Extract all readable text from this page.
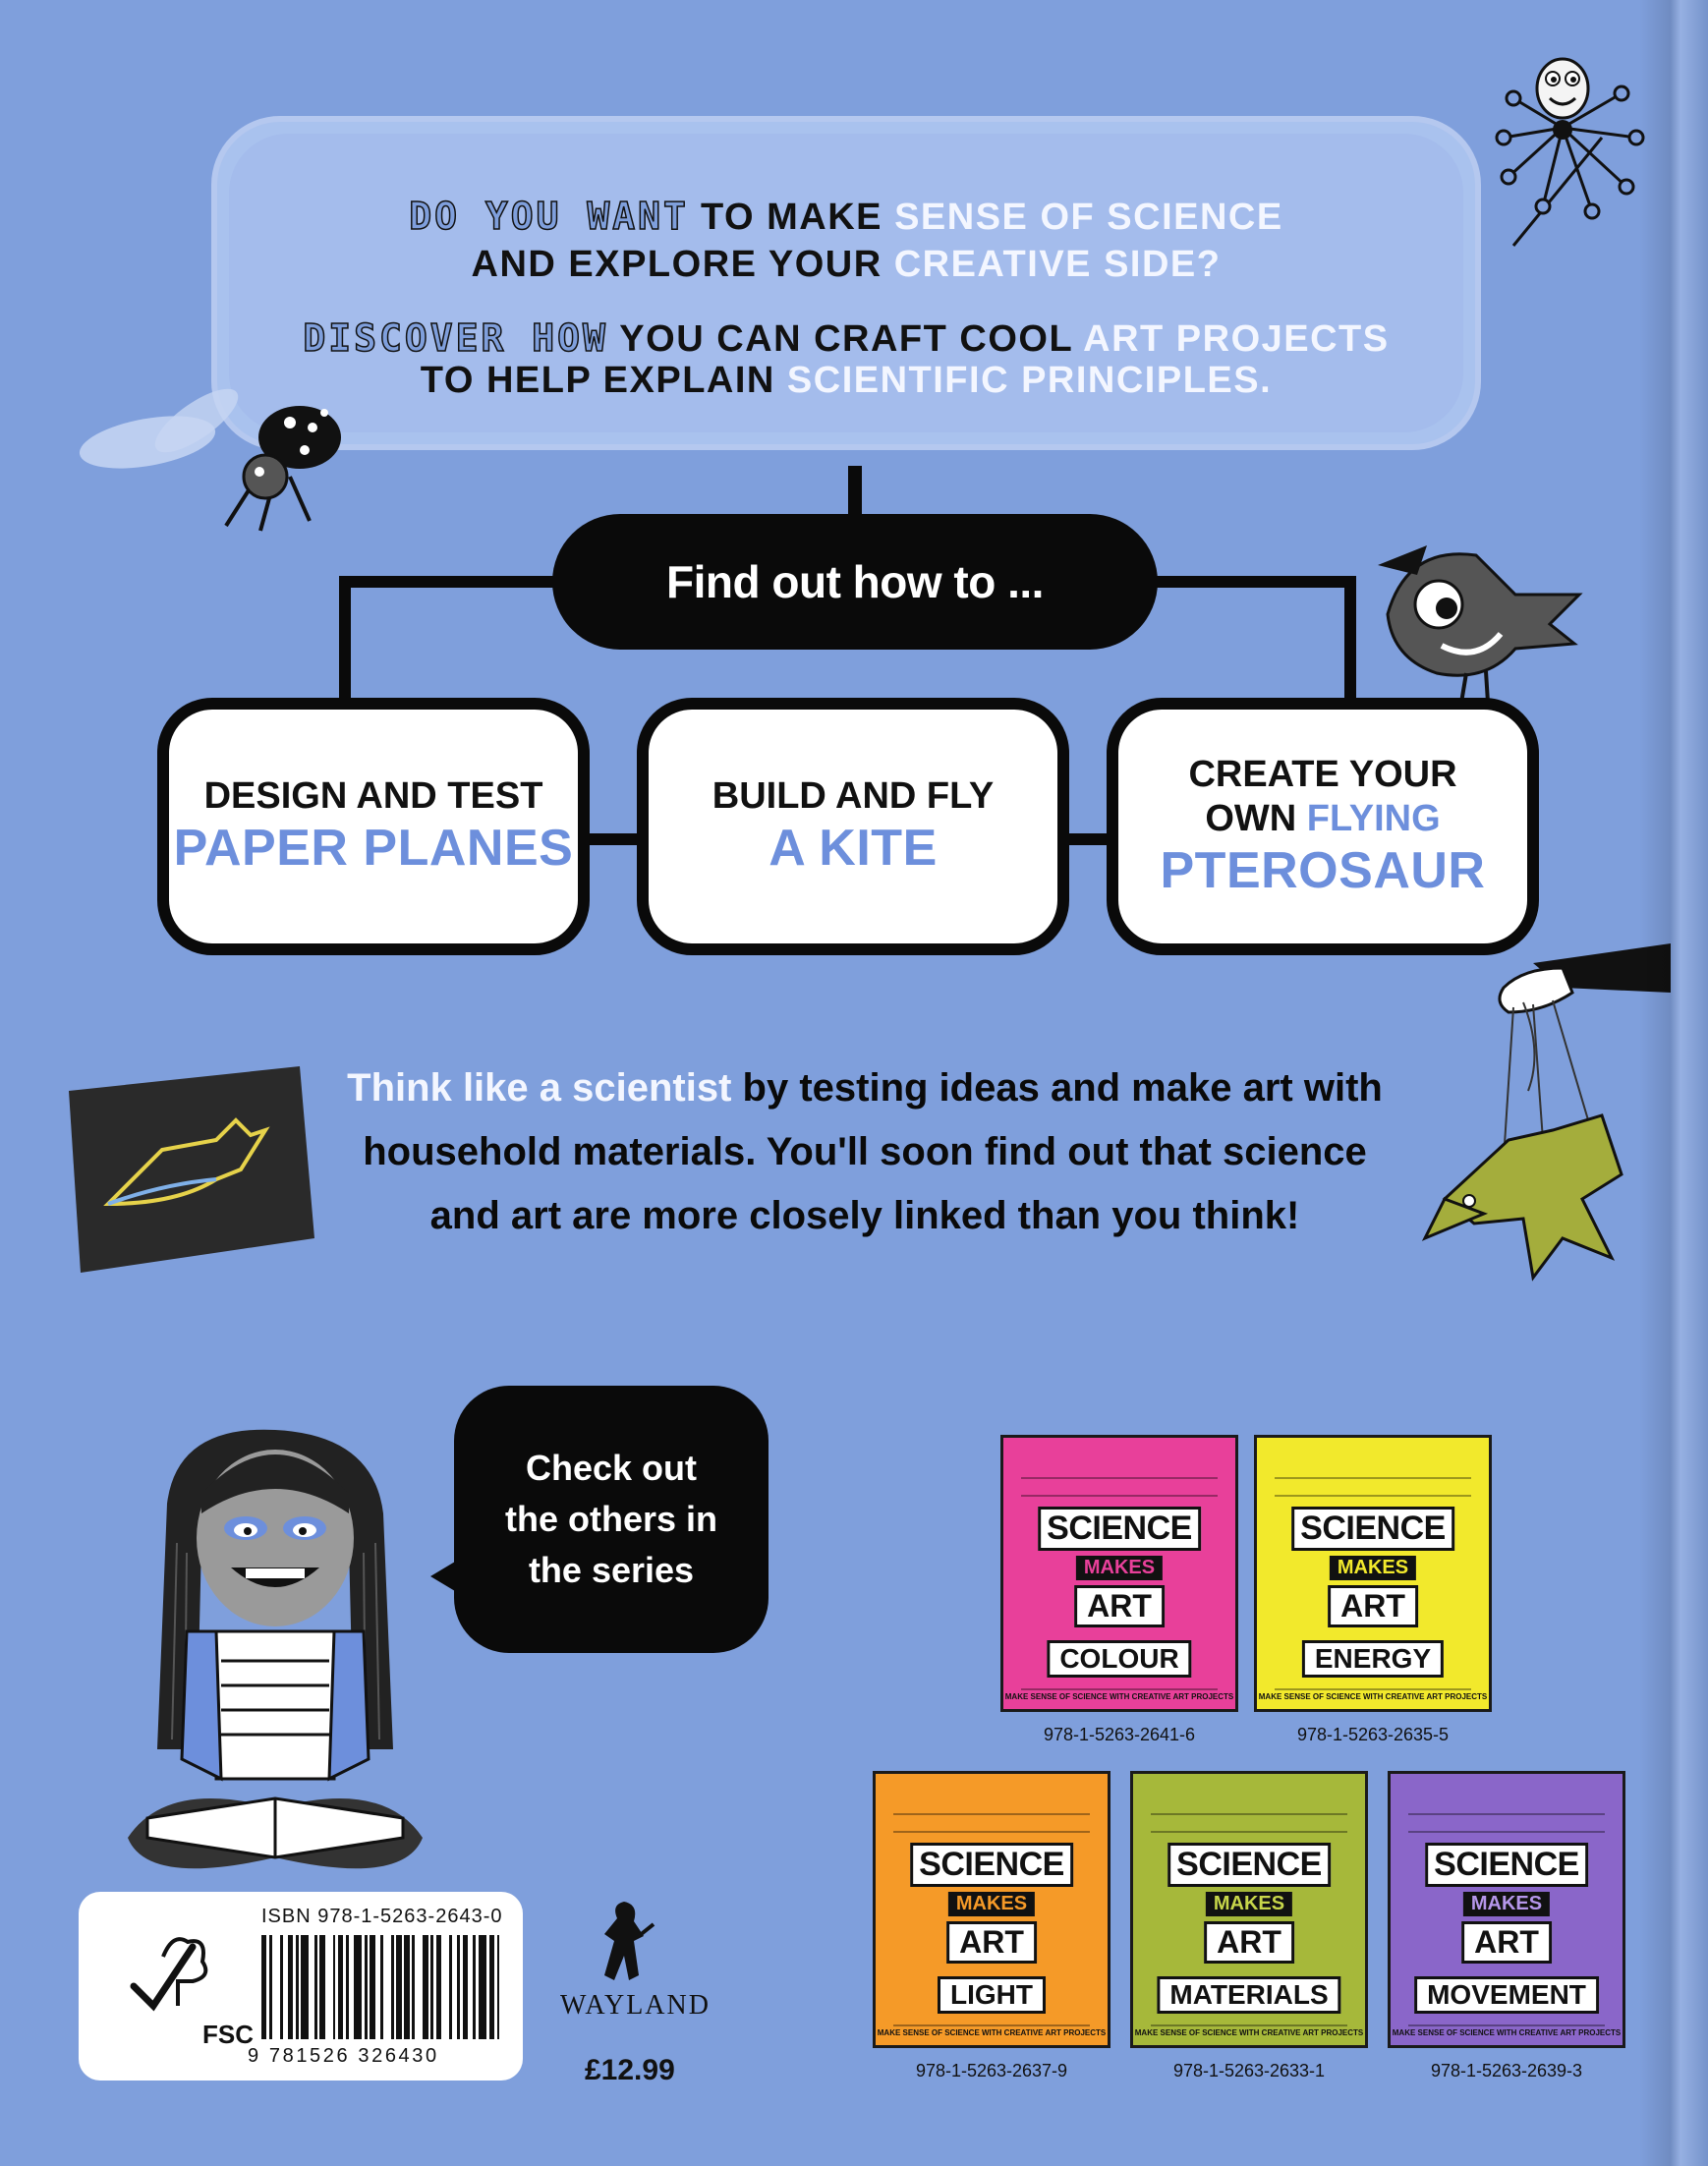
DO YOU WANT TO MAKE SENSE OF SCIENCE
AND EXPLORE YOUR CREATIVE SIDE?
DISCOVER HOW YOU CAN CRAFT COOL ART PROJECTS
TO HELP EXPLAIN SCIENTIFIC PRINCIPLES.
Find out how to ...
DESIGN AND TEST
PAPER PLANES
BUILD AND FLY
A KITE
CREATE YOUR
OWN FLYING
PTEROSAUR
Think like a scientist by testing ideas and make art with
household materials. You'll soon find out that science
and art are more closely linked than you think!
Check out
the others in
the series
SCIENCE
MAKES
ART
COLOUR
MAKE SENSE OF SCIENCE WITH CREATIVE ART PROJECTS
978-1-5263-2641-6
SCIENCE
MAKES
ART
ENERGY
MAKE SENSE OF SCIENCE WITH CREATIVE ART PROJECTS
978-1-5263-2635-5
SCIENCE
MAKES
ART
LIGHT
MAKE SENSE OF SCIENCE WITH CREATIVE ART PROJECTS
978-1-5263-2637-9
SCIENCE
MAKES
ART
MATERIALS
MAKE SENSE OF SCIENCE WITH CREATIVE ART PROJECTS
978-1-5263-2633-1
SCIENCE
MAKES
ART
MOVEMENT
MAKE SENSE OF SCIENCE WITH CREATIVE ART PROJECTS
978-1-5263-2639-3
FSC
ISBN 978-1-5263-2643-0
9 781526 326430
WAYLAND
£12.99
